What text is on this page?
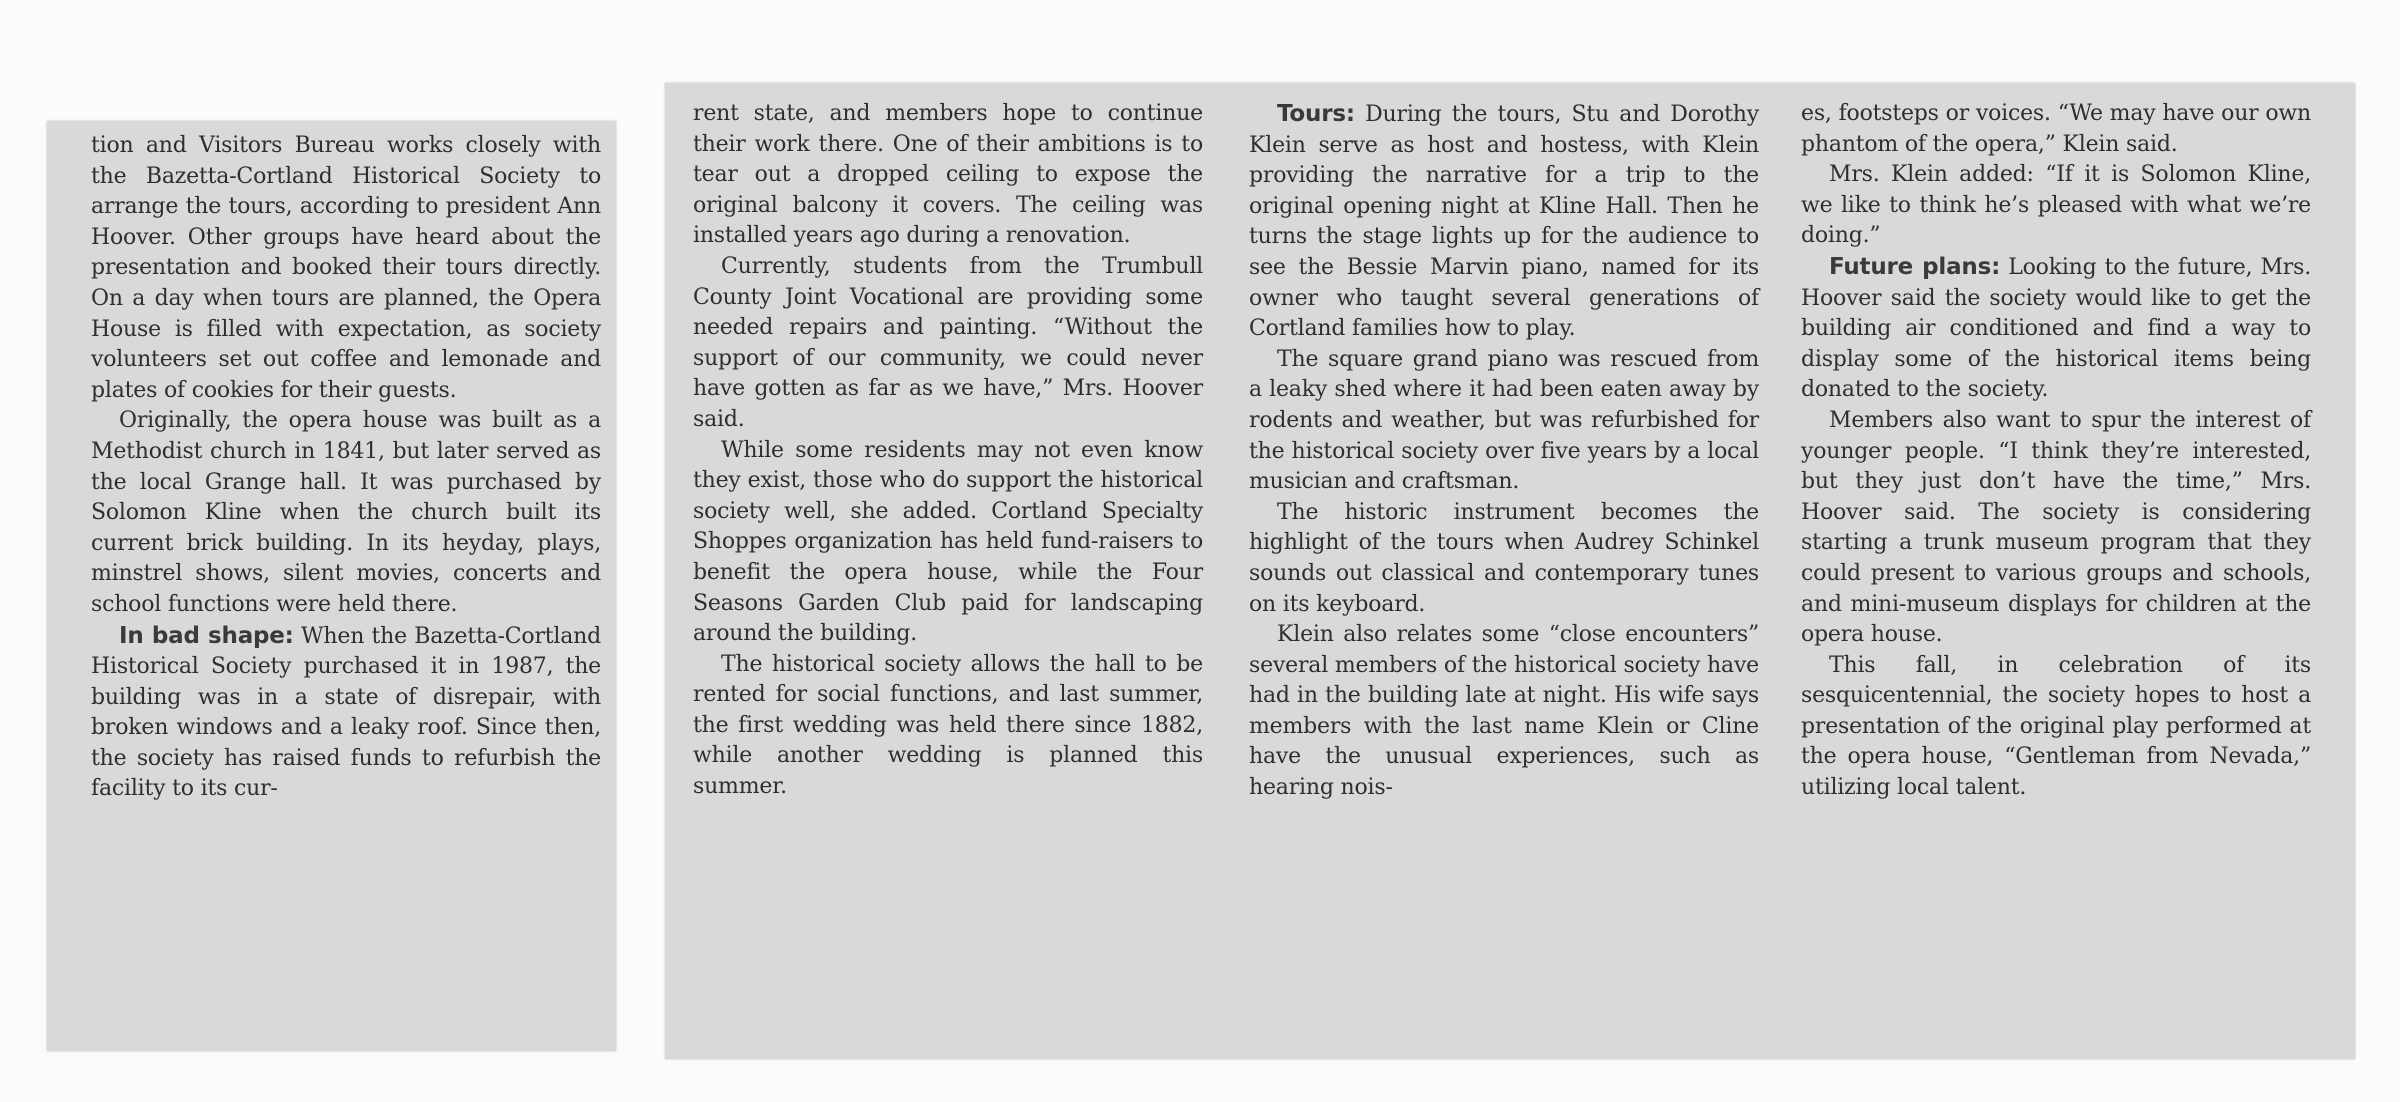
tion and Visitors Bureau works closely with the Bazetta-Cortland Historical Society to arrange the tours, according to president Ann Hoover. Other groups have heard about the presentation and booked their tours directly. On a day when tours are planned, the Opera House is filled with expectation, as society volunteers set out coffee and lemonade and plates of cookies for their guests.

Originally, the opera house was built as a Methodist church in 1841, but later served as the local Grange hall. It was purchased by Solomon Kline when the church built its current brick building. In its heyday, plays, minstrel shows, silent movies, concerts and school functions were held there.

In bad shape: When the Bazetta-Cortland Historical Society purchased it in 1987, the building was in a state of disrepair, with broken windows and a leaky roof. Since then, the society has raised funds to refurbish the facility to its cur-

rent state, and members hope to continue their work there. One of their ambitions is to tear out a dropped ceiling to expose the original balcony it covers. The ceiling was installed years ago during a renovation.

Currently, students from the Trumbull County Joint Vocational are providing some needed repairs and painting. “Without the support of our community, we could never have gotten as far as we have,” Mrs. Hoover said.

While some residents may not even know they exist, those who do support the historical society well, she added. Cortland Specialty Shoppes organization has held fund-raisers to benefit the opera house, while the Four Seasons Garden Club paid for landscaping around the building.

The historical society allows the hall to be rented for social functions, and last summer, the first wedding was held there since 1882, while another wedding is planned this summer.

Tours: During the tours, Stu and Dorothy Klein serve as host and hostess, with Klein providing the narrative for a trip to the original opening night at Kline Hall. Then he turns the stage lights up for the audience to see the Bessie Marvin piano, named for its owner who taught several generations of Cortland families how to play.

The square grand piano was rescued from a leaky shed where it had been eaten away by rodents and weather, but was refurbished for the historical society over five years by a local musician and craftsman.

The historic instrument becomes the highlight of the tours when Audrey Schinkel sounds out classical and contemporary tunes on its keyboard.

Klein also relates some “close encounters” several members of the historical society have had in the building late at night. His wife says members with the last name Klein or Cline have the unusual experiences, such as hearing nois-

es, footsteps or voices. “We may have our own phantom of the opera,” Klein said.

Mrs. Klein added: “If it is Solomon Kline, we like to think he’s pleased with what we’re doing.”

Future plans: Looking to the future, Mrs. Hoover said the society would like to get the building air conditioned and find a way to display some of the historical items being donated to the society.

Members also want to spur the interest of younger people. “I think they’re interested, but they just don’t have the time,” Mrs. Hoover said. The society is considering starting a trunk museum program that they could present to various groups and schools, and mini-museum displays for children at the opera house.

This fall, in celebration of its sesquicentennial, the society hopes to host a presentation of the original play performed at the opera house, “Gentleman from Nevada,” utilizing local talent.
